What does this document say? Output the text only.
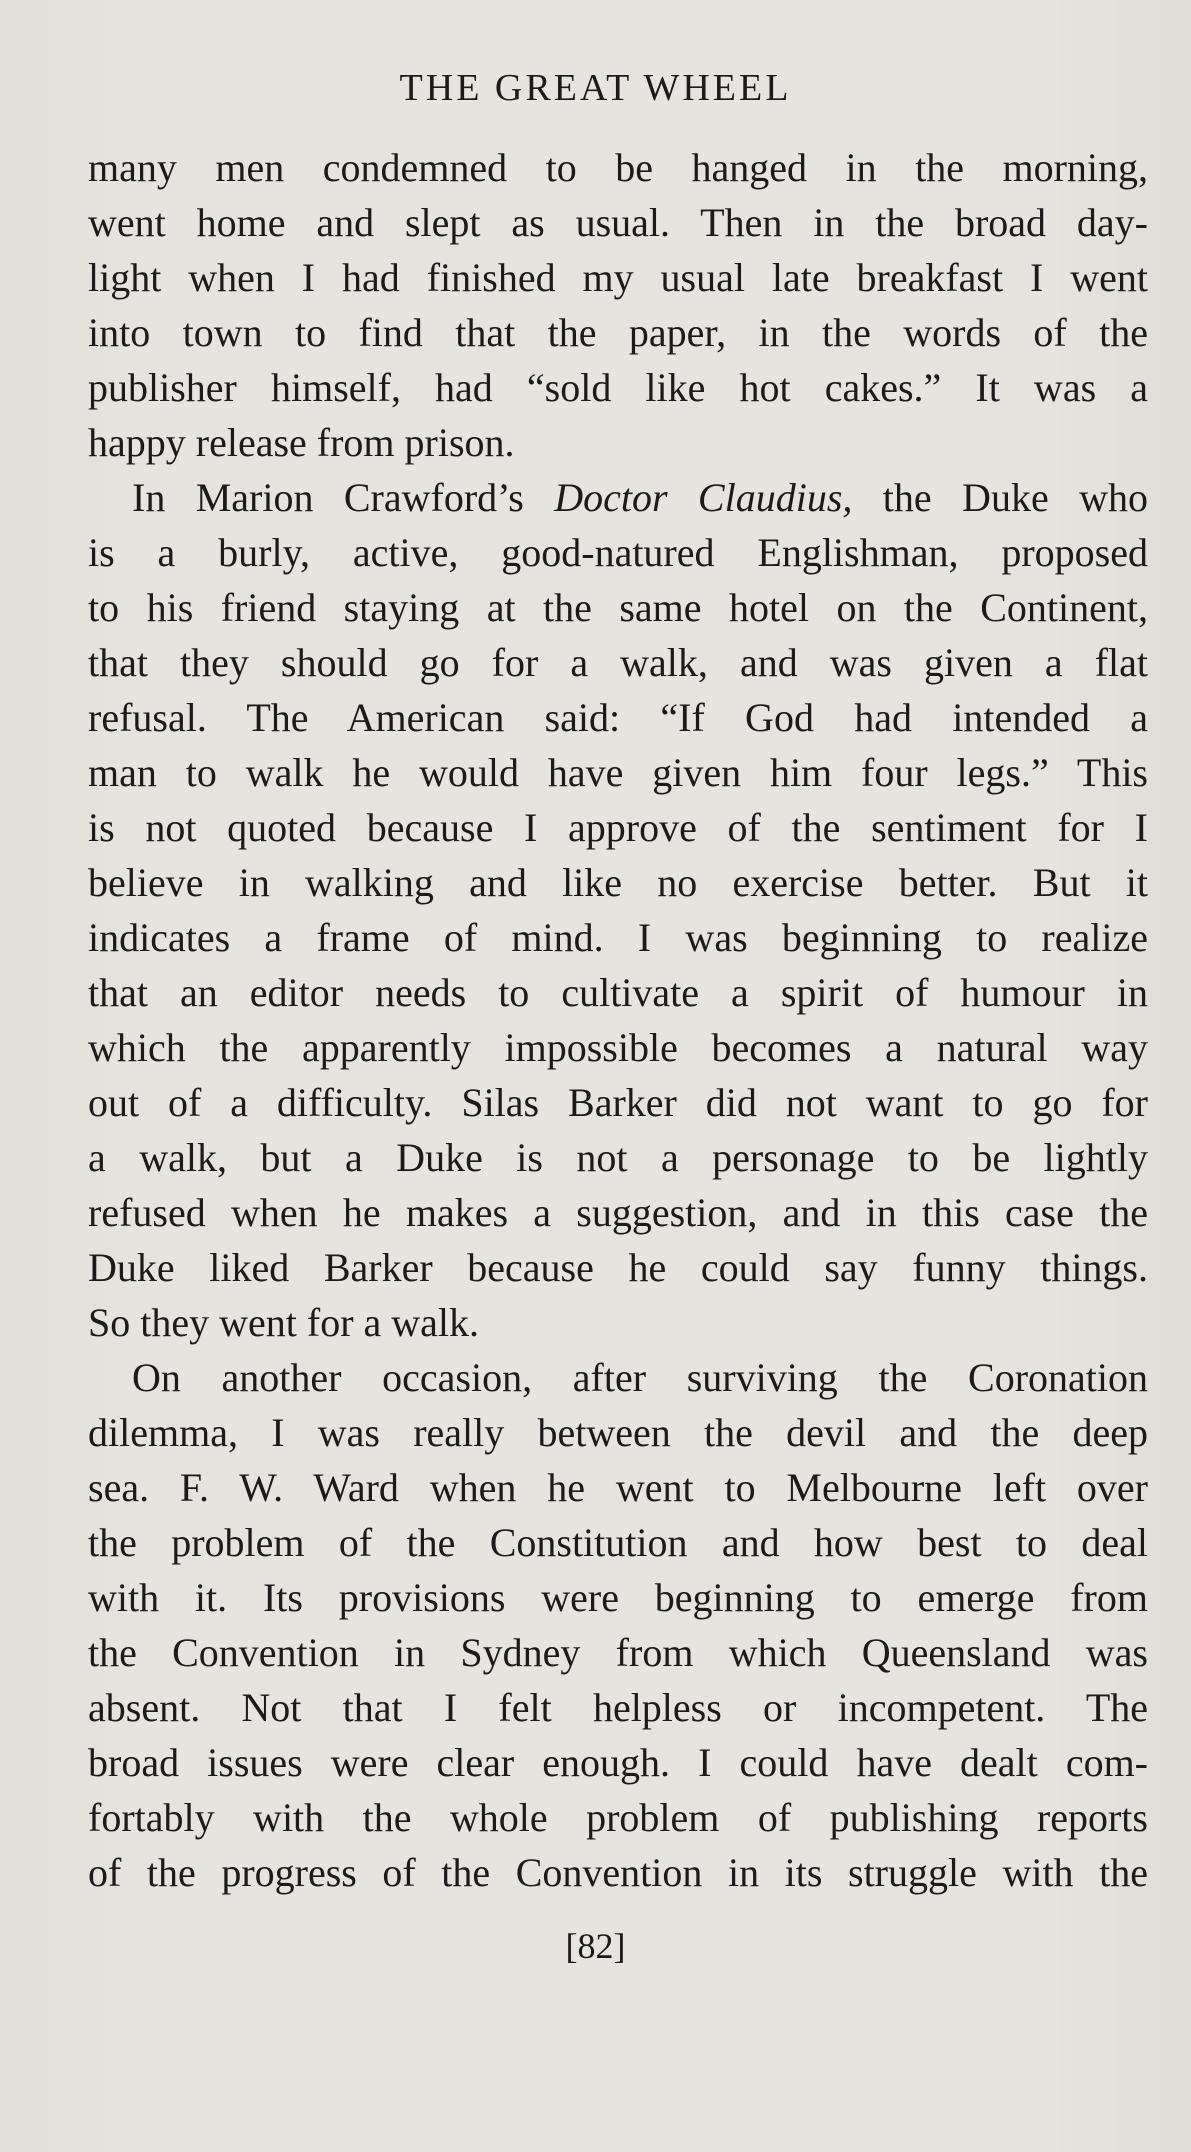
THE GREAT WHEEL
many men condemned to be hanged in the morning,
went home and slept as usual. Then in the broad day-
light when I had finished my usual late breakfast I went
into town to find that the paper, in the words of the
publisher himself, had “sold like hot cakes.” It was a
happy release from prison.
In Marion Crawford’s Doctor Claudius, the Duke who
is a burly, active, good-natured Englishman, proposed
to his friend staying at the same hotel on the Continent,
that they should go for a walk, and was given a flat
refusal. The American said: “If God had intended a
man to walk he would have given him four legs.” This
is not quoted because I approve of the sentiment for I
believe in walking and like no exercise better. But it
indicates a frame of mind. I was beginning to realize
that an editor needs to cultivate a spirit of humour in
which the apparently impossible becomes a natural way
out of a difficulty. Silas Barker did not want to go for
a walk, but a Duke is not a personage to be lightly
refused when he makes a suggestion, and in this case the
Duke liked Barker because he could say funny things.
So they went for a walk.
On another occasion, after surviving the Coronation
dilemma, I was really between the devil and the deep
sea. F. W. Ward when he went to Melbourne left over
the problem of the Constitution and how best to deal
with it. Its provisions were beginning to emerge from
the Convention in Sydney from which Queensland was
absent. Not that I felt helpless or incompetent. The
broad issues were clear enough. I could have dealt com-
fortably with the whole problem of publishing reports
of the progress of the Convention in its struggle with the
[82]
